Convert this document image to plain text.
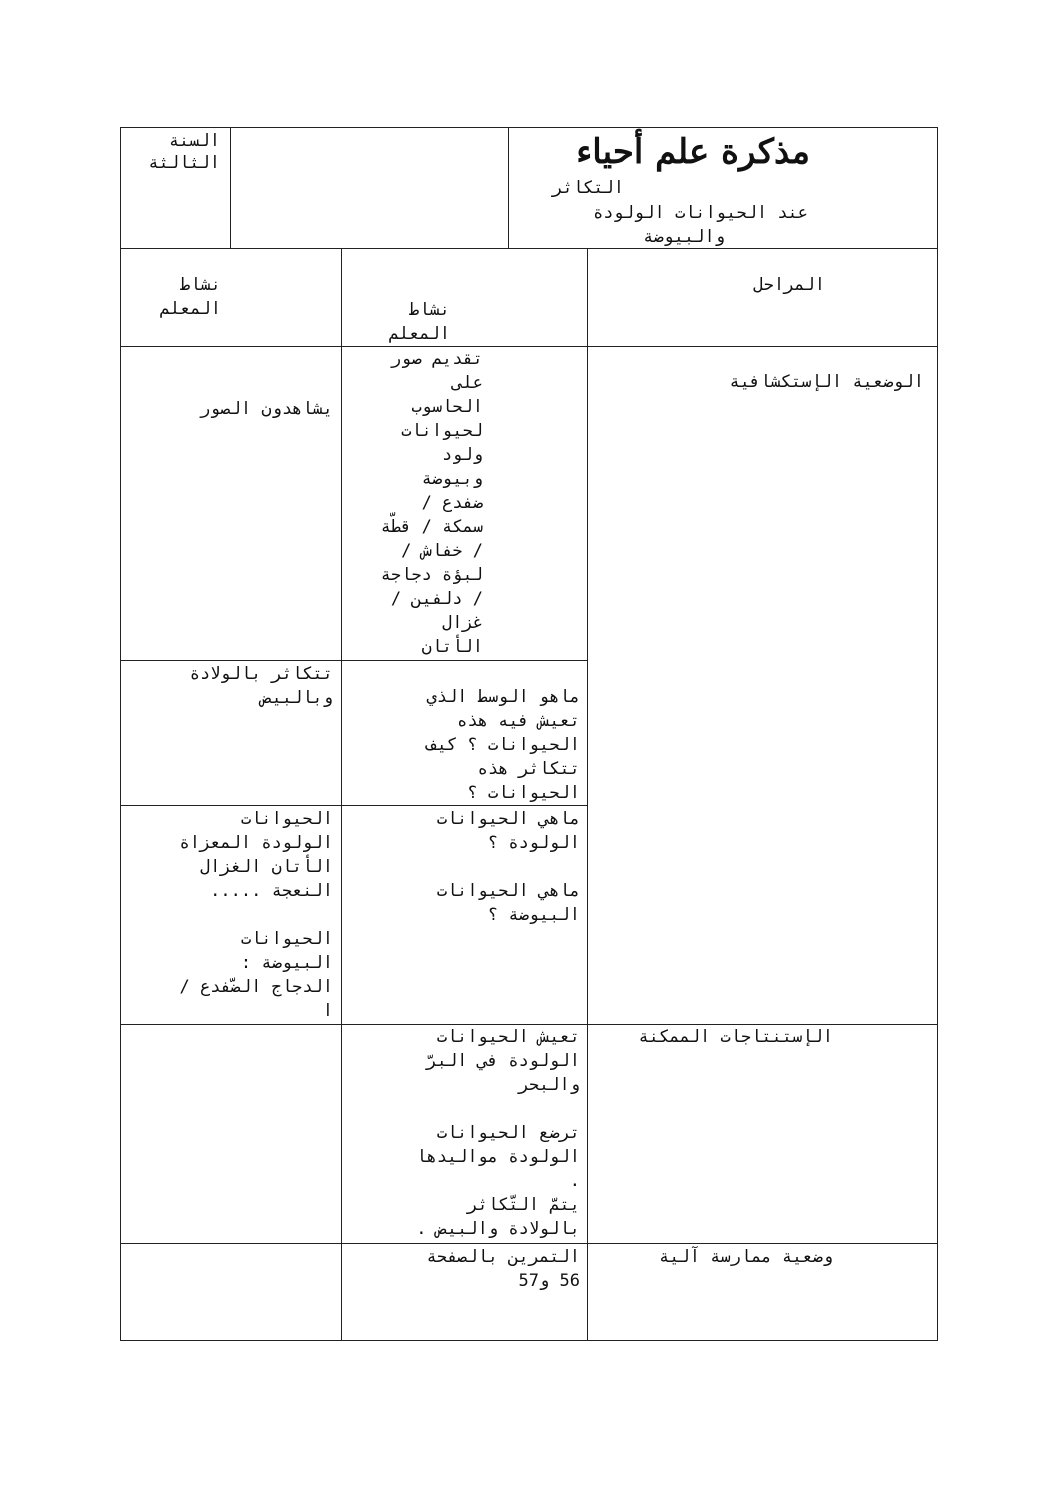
مذكرة علم أحياء
التكاثر
عند الحيوانات الولودة
والبيوضة
السنة
الثالثة
المراحل
نشاط
المعلم
نشاط
المعلم
الوضعية الإستكشافية
تقديم صور
على
الحاسوب
لحيوانات
ولود
وبيوضة
ضفدع /
سمكة / قطّة
/ خفاش /
لبؤة دجاجة
/ دلفين /
غزال
الأتان
يشاهدون الصور
ماهو الوسط الذي
تعيش فيه هذه
الحيوانات ؟ كيف
تتكاثر هذه
الحيوانات ؟
تتكاثر بالولادة
وبالبيض
ماهي الحيوانات
الولودة ؟

ماهي الحيوانات
البيوضة ؟
الحيوانات
الولودة المعزاة
الأتان الغزال
النعجة .....

الحيوانات
البيوضة :
الدجاج الضّفدع /
ا
الإستنتاجات الممكنة
تعيش الحيوانات
الولودة في البرّ
والبحر

ترضع الحيوانات
الولودة مواليدها
.
يتمّ التّكاثر
بالولادة والبيض .
وضعية ممارسة آلية
التمرين بالصفحة
56 و57
